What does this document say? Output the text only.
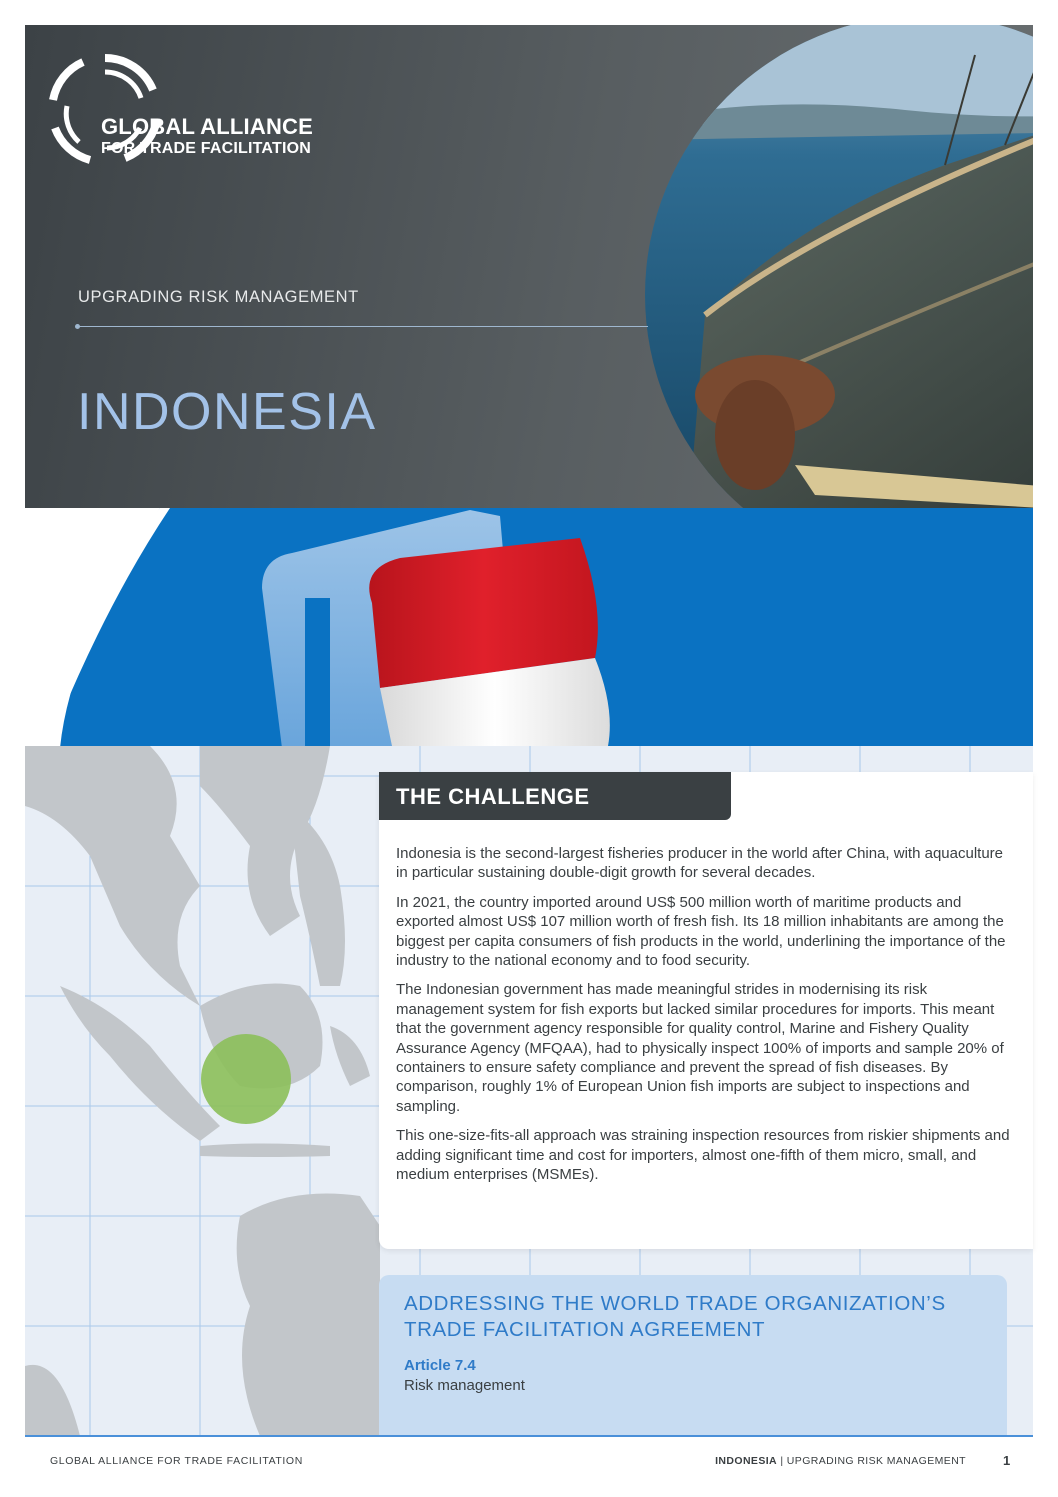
GLOBAL ALLIANCE
FOR TRADE FACILITATION
UPGRADING RISK MANAGEMENT
INDONESIA
THE CHALLENGE

Indonesia is the second-largest fisheries producer in the world after China, with aquaculture in particular sustaining double-digit growth for several decades.

In 2021, the country imported around US$ 500 million worth of maritime products and exported almost US$ 107 million worth of fresh fish. Its 18 million inhabitants are among the biggest per capita consumers of fish products in the world, underlining the importance of the industry to the national economy and to food security.

The Indonesian government has made meaningful strides in modernising its risk management system for fish exports but lacked similar procedures for imports. This meant that the government agency responsible for quality control, Marine and Fishery Quality Assurance Agency (MFQAA), had to physically inspect 100% of imports and sample 20% of containers to ensure safety compliance and prevent the spread of fish diseases. By comparison, roughly 1% of European Union fish imports are subject to inspections and sampling.

This one-size-fits-all approach was straining inspection resources from riskier shipments and adding significant time and cost for importers, almost one-fifth of them micro, small, and medium enterprises (MSMEs).

ADDRESSING THE WORLD TRADE ORGANIZATION’S TRADE FACILITATION AGREEMENT
Article 7.4
Risk management
GLOBAL ALLIANCE FOR TRADE FACILITATION	INDONESIA | UPGRADING RISK MANAGEMENT	1
